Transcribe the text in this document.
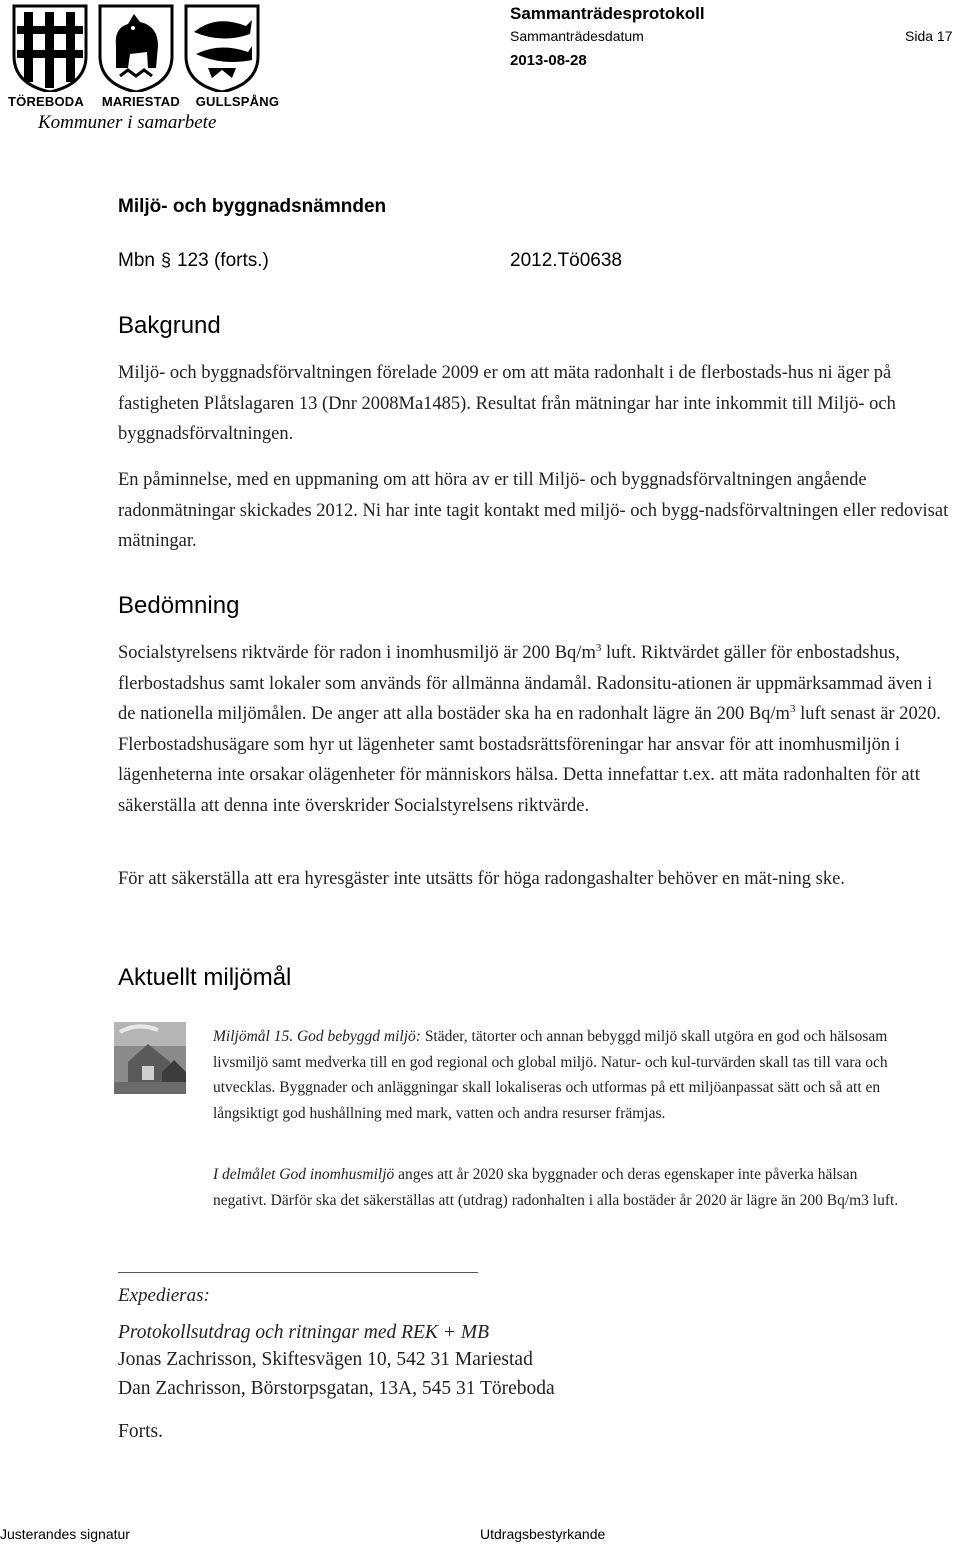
TÖREBODA MARIESTAD GULLSPÅNG
Kommuner i samarbete
Sammanträdesprotokoll
Sammanträdesdatum	Sida 17
2013-08-28
Miljö- och byggnadsnämnden
Mbn § 123 (forts.)	2012.Tö0638
Bakgrund
Miljö- och byggnadsförvaltningen förelade 2009 er om att mäta radonhalt i de flerbostads-hus ni äger på fastigheten Plåtslagaren 13 (Dnr 2008Ma1485). Resultat från mätningar har inte inkommit till Miljö- och byggnadsförvaltningen.
En påminnelse, med en uppmaning om att höra av er till Miljö- och byggnadsförvaltningen angående radonmätningar skickades 2012. Ni har inte tagit kontakt med miljö- och bygg-nadsförvaltningen eller redovisat mätningar.
Bedömning
Socialstyrelsens riktvärde för radon i inomhusmiljö är 200 $Bq/m^3$ luft. Riktvärdet gäller för enbostadshus, flerbostadshus samt lokaler som används för allmänna ändamål. Radonsitu-ationen är uppmärksammad även i de nationella miljömålen. De anger att alla bostäder ska ha en radonhalt lägre än 200 $Bq/m^3$ luft senast är 2020. Flerbostadshusägare som hyr ut lägenheter samt bostadsrättsföreningar har ansvar för att inomhusmiljön i lägenheterna inte orsakar olägenheter för människors hälsa. Detta innefattar t.ex. att mäta radonhalten för att säkerställa att denna inte överskrider Socialstyrelsens riktvärde.
För att säkerställa att era hyresgäster inte utsätts för höga radongashalter behöver en mät-ning ske.
Aktuellt miljömål
Miljömål 15. God bebyggd miljö: Städer, tätorter och annan bebyggd miljö skall utgöra en god och hälsosam livsmiljö samt medverka till en god regional och global miljö. Natur- och kul-turvärden skall tas till vara och utvecklas. Byggnader och anläggningar skall lokaliseras och utformas på ett miljöanpassat sätt och så att en långsiktigt god hushållning med mark, vatten och andra resurser främjas.
I delmålet God inomhusmiljö anges att år 2020 ska byggnader och deras egenskaper inte påverka hälsan negativt. Därför ska det säkerställas att (utdrag) radonhalten i alla bostäder år 2020 är lägre än 200 Bq/m3 luft.
Expedieras:
Protokollsutdrag och ritningar med REK + MB
Jonas Zachrisson, Skiftesvägen 10, 542 31 Mariestad
Dan Zachrisson, Börstorpsgatan, 13A, 545 31 Töreboda
Forts.
Justerandes signatur	Utdragsbestyrkande
